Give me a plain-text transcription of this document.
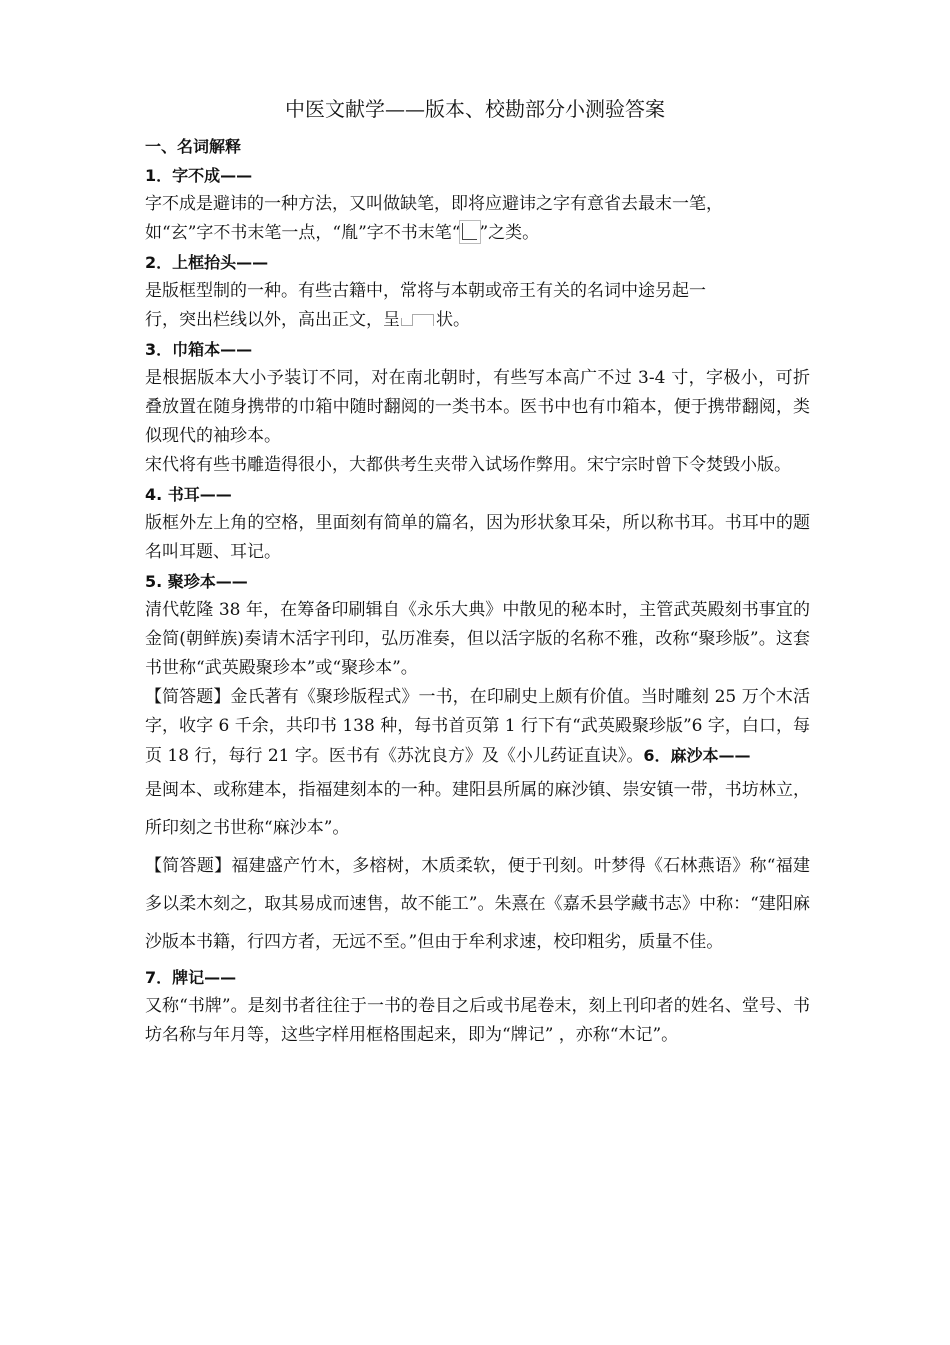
中医文献学——版本、校勘部分小测验答案
一、名词解释
1．字不成——
字不成是避讳的一种方法，又叫做缺笔，即将应避讳之字有意省去最末一笔，
如“玄”字不书末笔一点，“胤”字不书末笔“ ”之类。
2．上框抬头——
是版框型制的一种。有些古籍中，常将与本朝或帝王有关的名词中途另起一
行，突出栏线以外，高出正文，呈 状。
3．巾箱本——
是根据版本大小予装订不同，对在南北朝时，有些写本高广不过 3-4 寸，字极小，可折叠放置在随身携带的巾箱中随时翻阅的一类书本。医书中也有巾箱本，便于携带翻阅，类似现代的袖珍本。
宋代将有些书雕造得很小，大都供考生夹带入试场作弊用。宋宁宗时曾下令焚毁小版。
4. 书耳——
版框外左上角的空格，里面刻有简单的篇名，因为形状象耳朵，所以称书耳。书耳中的题名叫耳题、耳记。
5. 聚珍本——
清代乾隆 38 年，在筹备印刷辑自《永乐大典》中散见的秘本时，主管武英殿刻书事宜的金简(朝鲜族)奏请木活字刊印，弘历准奏，但以活字版的名称不雅，改称“聚珍版”。这套书世称“武英殿聚珍本”或“聚珍本”。
【简答题】金氏著有《聚珍版程式》一书，在印刷史上颇有价值。当时雕刻 25 万个木活字，收字 6 千余，共印书 138 种，每书首页第 1 行下有“武英殿聚珍版”6 字，白口，每页 18 行，每行 21 字。医书有《苏沈良方》及《小儿药证直诀》。6．麻沙本——
是闽本、或称建本，指福建刻本的一种。建阳县所属的麻沙镇、崇安镇一带，书坊林立，所印刻之书世称“麻沙本”。
【简答题】福建盛产竹木，多榕树，木质柔软，便于刊刻。叶梦得《石林燕语》称“福建多以柔木刻之，取其易成而速售，故不能工”。朱熹在《嘉禾县学藏书志》中称：“建阳麻沙版本书籍，行四方者，无远不至。”但由于牟利求速，校印粗劣，质量不佳。
7．牌记——
又称“书牌”。是刻书者往往于一书的卷目之后或书尾卷末，刻上刊印者的姓名、堂号、书坊名称与年月等，这些字样用框格围起来，即为“牌记” ，亦称“木记”。
